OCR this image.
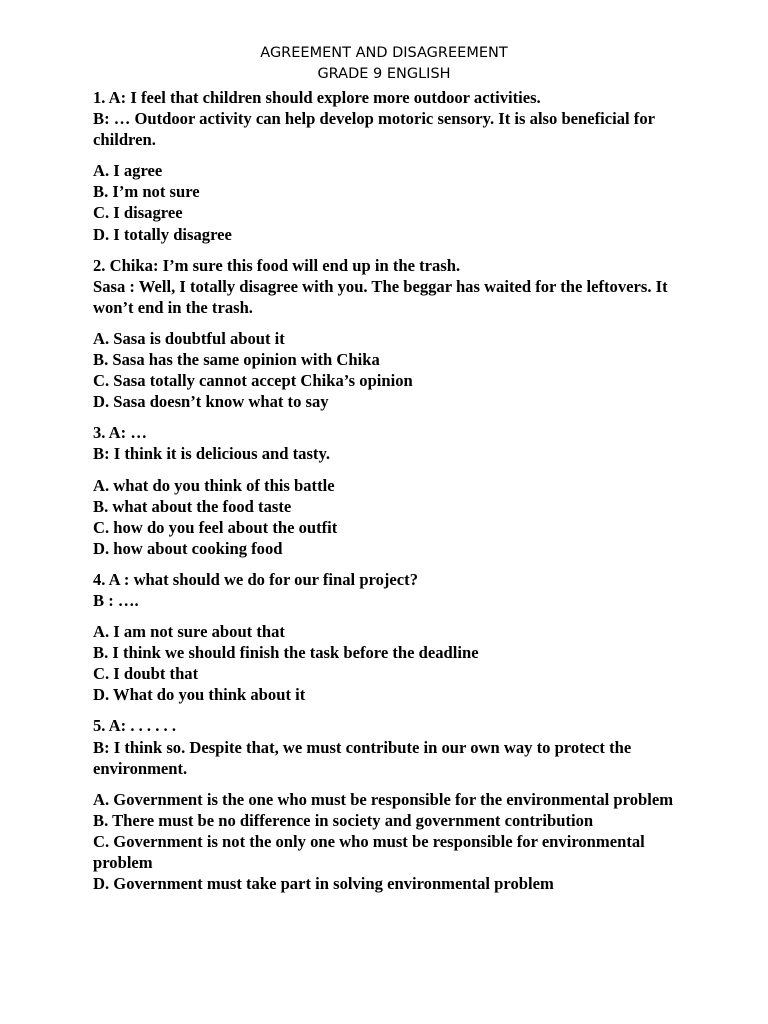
AGREEMENT AND DISAGREEMENT
GRADE 9 ENGLISH

1. A: I feel that children should explore more outdoor activities.

B: … Outdoor activity can help develop motoric sensory. It is also beneficial for children.

A. I agree

B. I’m not sure

C. I disagree

D. I totally disagree

2. Chika: I’m sure this food will end up in the trash.

Sasa : Well, I totally disagree with you. The beggar has waited for the leftovers. It won’t end in the trash.

A. Sasa is doubtful about it

B. Sasa has the same opinion with Chika

C. Sasa totally cannot accept Chika’s opinion

D. Sasa doesn’t know what to say

3. A: …

B: I think it is delicious and tasty.

A. what do you think of this battle

B. what about the food taste

C. how do you feel about the outfit

D. how about cooking food

4. A : what should we do for our final project?

B : ….

A. I am not sure about that

B. I think we should finish the task before the deadline

C. I doubt that

D. What do you think about it

5. A: . . . . . .

B: I think so. Despite that, we must contribute in our own way to protect the environment.

A. Government is the one who must be responsible for the environmental problem

B. There must be no difference in society and government contribution

C. Government is not the only one who must be responsible for environmental problem

D. Government must take part in solving environmental problem
